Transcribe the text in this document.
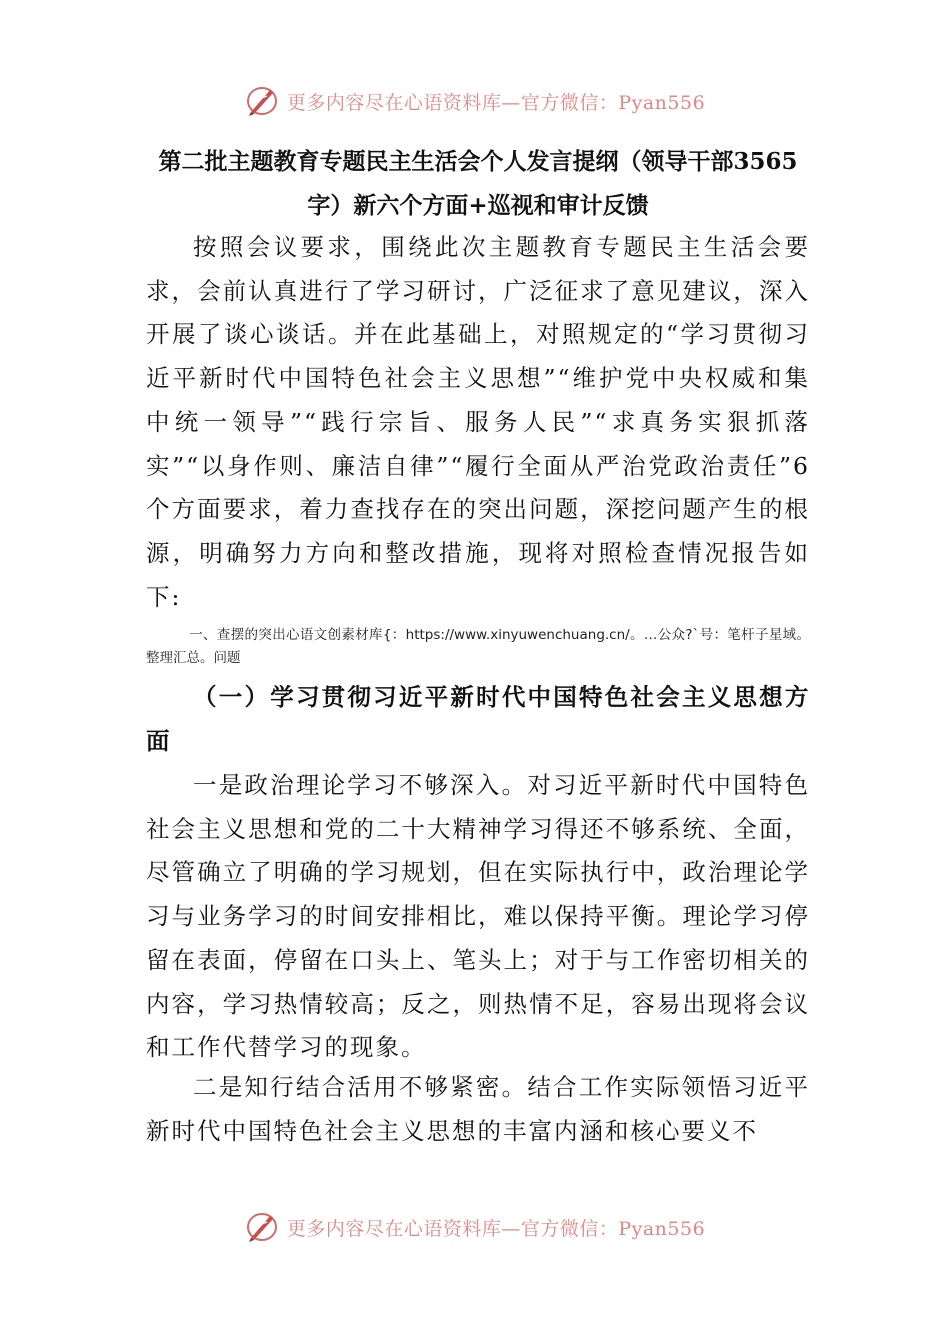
更多内容尽在心语资料库—官方微信：Pyan556
第二批主题教育专题民主生活会个人发言提纲（领导干部3565字）新六个方面+巡视和审计反馈
按照会议要求，围绕此次主题教育专题民主生活会要求，会前认真进行了学习研讨，广泛征求了意见建议，深入开展了谈心谈话。并在此基础上，对照规定的“学习贯彻习近平新时代中国特色社会主义思想”“维护党中央权威和集中统一领导”“践行宗旨、服务人民”“求真务实狠抓落实”“以身作则、廉洁自律”“履行全面从严治党政治责任”6个方面要求，着力查找存在的突出问题，深挖问题产生的根源，明确努力方向和整改措施，现将对照检查情况报告如下:
一、查摆的突出心语文创素材库{：https://www.xinyuwenchuang.cn/。…公众?`号：笔杆子星域。整理汇总。问题
（一）学习贯彻习近平新时代中国特色社会主义思想方面
一是政治理论学习不够深入。对习近平新时代中国特色社会主义思想和党的二十大精神学习得还不够系统、全面，尽管确立了明确的学习规划，但在实际执行中，政治理论学习与业务学习的时间安排相比，难以保持平衡。理论学习停留在表面，停留在口头上、笔头上；对于与工作密切相关的内容，学习热情较高；反之，则热情不足，容易出现将会议和工作代替学习的现象。
二是知行结合活用不够紧密。结合工作实际领悟习近平新时代中国特色社会主义思想的丰富内涵和核心要义不
更多内容尽在心语资料库—官方微信：Pyan556
